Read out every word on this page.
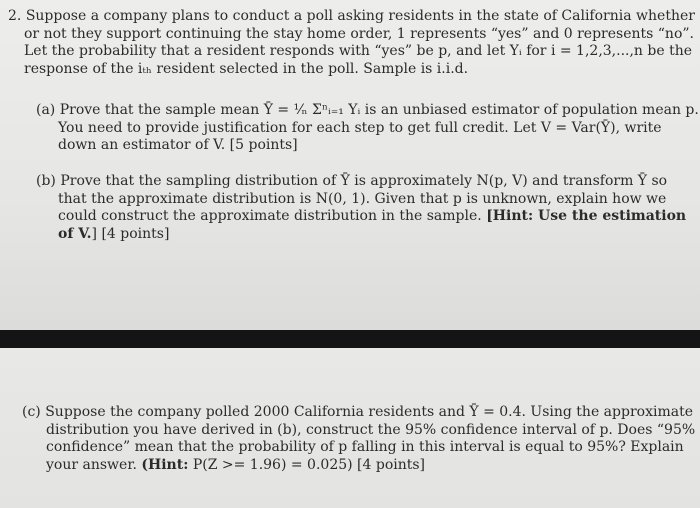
2. Suppose a company plans to conduct a poll asking residents in the state of California whether

or not they support continuing the stay home order, 1 represents “yes” and 0 represents “no”.

Let the probability that a resident responds with “yes” be p, and let Yᵢ for i = 1,2,3,...,n be the

response of the iₜₕ resident selected in the poll. Sample is i.i.d.

(a) Prove that the sample mean Ȳ = ¹⁄ₙ Σⁿᵢ₌₁ Yᵢ is an unbiased estimator of population mean p.

You need to provide justification for each step to get full credit. Let V = Var(Ȳ), write

down an estimator of V. [5 points]

(b) Prove that the sampling distribution of Ȳ is approximately N(p, V) and transform Ȳ so

that the approximate distribution is N(0, 1). Given that p is unknown, explain how we

could construct the approximate distribution in the sample. [Hint: Use the estimation

of V.] [4 points]

(c) Suppose the company polled 2000 California residents and Ȳ = 0.4. Using the approximate

distribution you have derived in (b), construct the 95% confidence interval of p. Does “95%

confidence” mean that the probability of p falling in this interval is equal to 95%? Explain

your answer. (Hint: P(Z >= 1.96) = 0.025) [4 points]
